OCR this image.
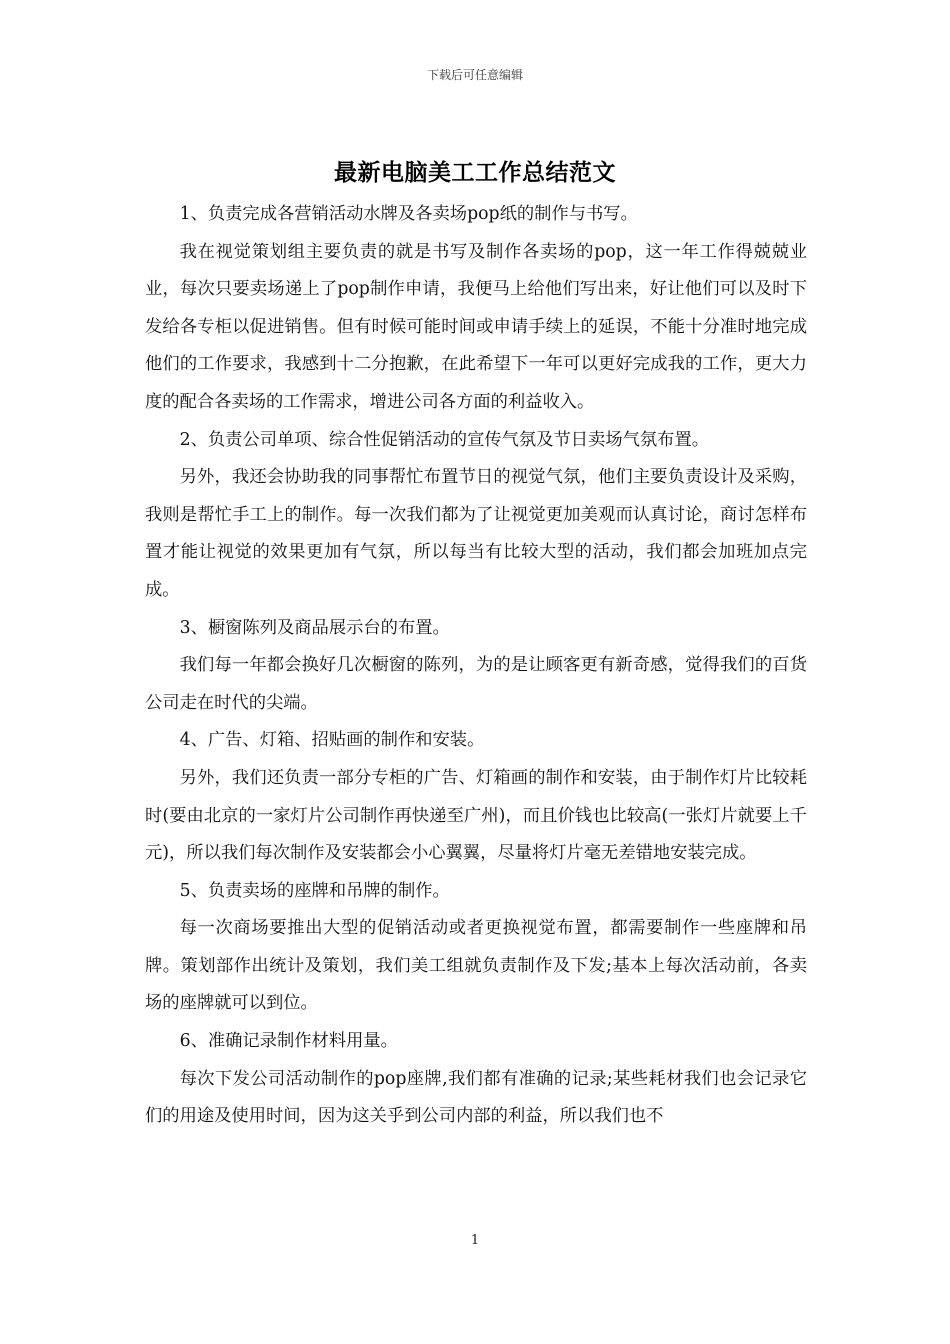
下载后可任意编辑
最新电脑美工工作总结范文

1、负责完成各营销活动水牌及各卖场pop纸的制作与书写。

我在视觉策划组主要负责的就是书写及制作各卖场的pop，这一年工作得兢兢业业，每次只要卖场递上了pop制作申请，我便马上给他们写出来，好让他们可以及时下发给各专柜以促进销售。但有时候可能时间或申请手续上的延误，不能十分准时地完成他们的工作要求，我感到十二分抱歉，在此希望下一年可以更好完成我的工作，更大力度的配合各卖场的工作需求，增进公司各方面的利益收入。

2、负责公司单项、综合性促销活动的宣传气氛及节日卖场气氛布置。

另外，我还会协助我的同事帮忙布置节日的视觉气氛，他们主要负责设计及采购，我则是帮忙手工上的制作。每一次我们都为了让视觉更加美观而认真讨论，商讨怎样布置才能让视觉的效果更加有气氛，所以每当有比较大型的活动，我们都会加班加点完成。

3、橱窗陈列及商品展示台的布置。

我们每一年都会换好几次橱窗的陈列，为的是让顾客更有新奇感，觉得我们的百货公司走在时代的尖端。

4、广告、灯箱、招贴画的制作和安装。

另外，我们还负责一部分专柜的广告、灯箱画的制作和安装，由于制作灯片比较耗时(要由北京的一家灯片公司制作再快递至广州)，而且价钱也比较高(一张灯片就要上千元)，所以我们每次制作及安装都会小心翼翼，尽量将灯片毫无差错地安装完成。

5、负责卖场的座牌和吊牌的制作。

每一次商场要推出大型的促销活动或者更换视觉布置，都需要制作一些座牌和吊牌。策划部作出统计及策划，我们美工组就负责制作及下发;基本上每次活动前，各卖场的座牌就可以到位。

6、准确记录制作材料用量。

每次下发公司活动制作的pop座牌,我们都有准确的记录;某些耗材我们也会记录它们的用途及使用时间，因为这关乎到公司内部的利益，所以我们也不

1
